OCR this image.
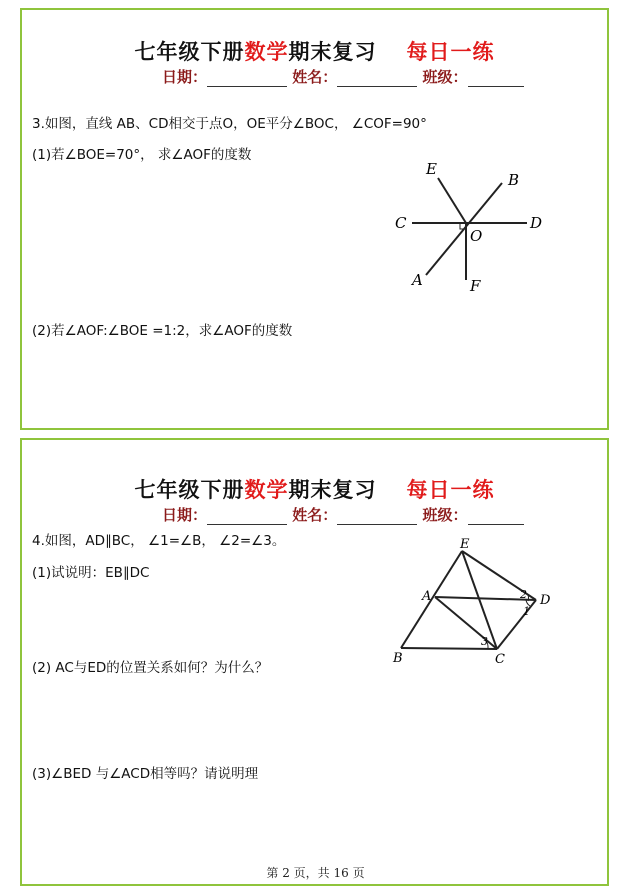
七年级下册数学期末复习 每日一练
日期：	姓名：	班级：
3.如图，直线 AB、CD相交于点O，OE平分∠BOC， ∠COF=90°
(1)若∠BOE=70°， 求∠AOF的度数
(2)若∠AOF:∠BOE =1:2，求∠AOF的度数
E
B
C
O
D
A	F
七年级下册数学期末复习 每日一练
日期：	姓名：	班级：
4.如图，AD∥BC， ∠1=∠B， ∠2=∠3。
(1)试说明：EB∥DC
(2) AC与ED的位置关系如何？为什么？
(3)∠BED 与∠ACD相等吗？请说明理
E
A	D
B	C
2
1
3
第 2 页，共 16 页
